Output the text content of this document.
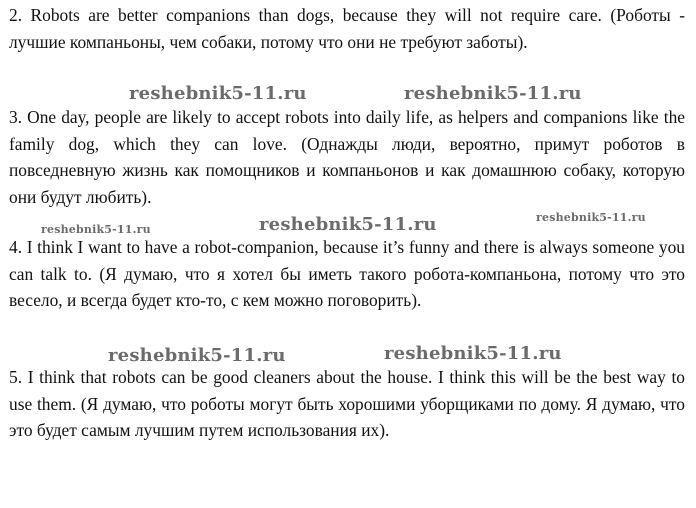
2. Robots are better companions than dogs, because they will not require care. (Роботы - лучшие компаньоны, чем собаки, потому что они не требуют заботы).

3. One day, people are likely to accept robots into daily life, as helpers and companions like the family dog, which they can love. (Однажды люди, вероятно, примут роботов в повседневную жизнь как помощников и компаньонов и как домашнюю собаку, которую они будут любить).

4. I think I want to have a robot-companion, because it’s funny and there is always someone you can talk to. (Я думаю, что я хотел бы иметь такого робота-компаньона, потому что это весело, и всегда будет кто-то, с кем можно поговорить).

5. I think that robots can be good cleaners about the house. I think this will be the best way to use them. (Я думаю, что роботы могут быть хорошими уборщиками по дому. Я думаю, что это будет самым лучшим путем использования их).

reshebnik5-11.ru	reshebnik5-11.ru
reshebnik5-11.ru	reshebnik5-11.ru	reshebnik5-11.ru
reshebnik5-11.ru	reshebnik5-11.ru
